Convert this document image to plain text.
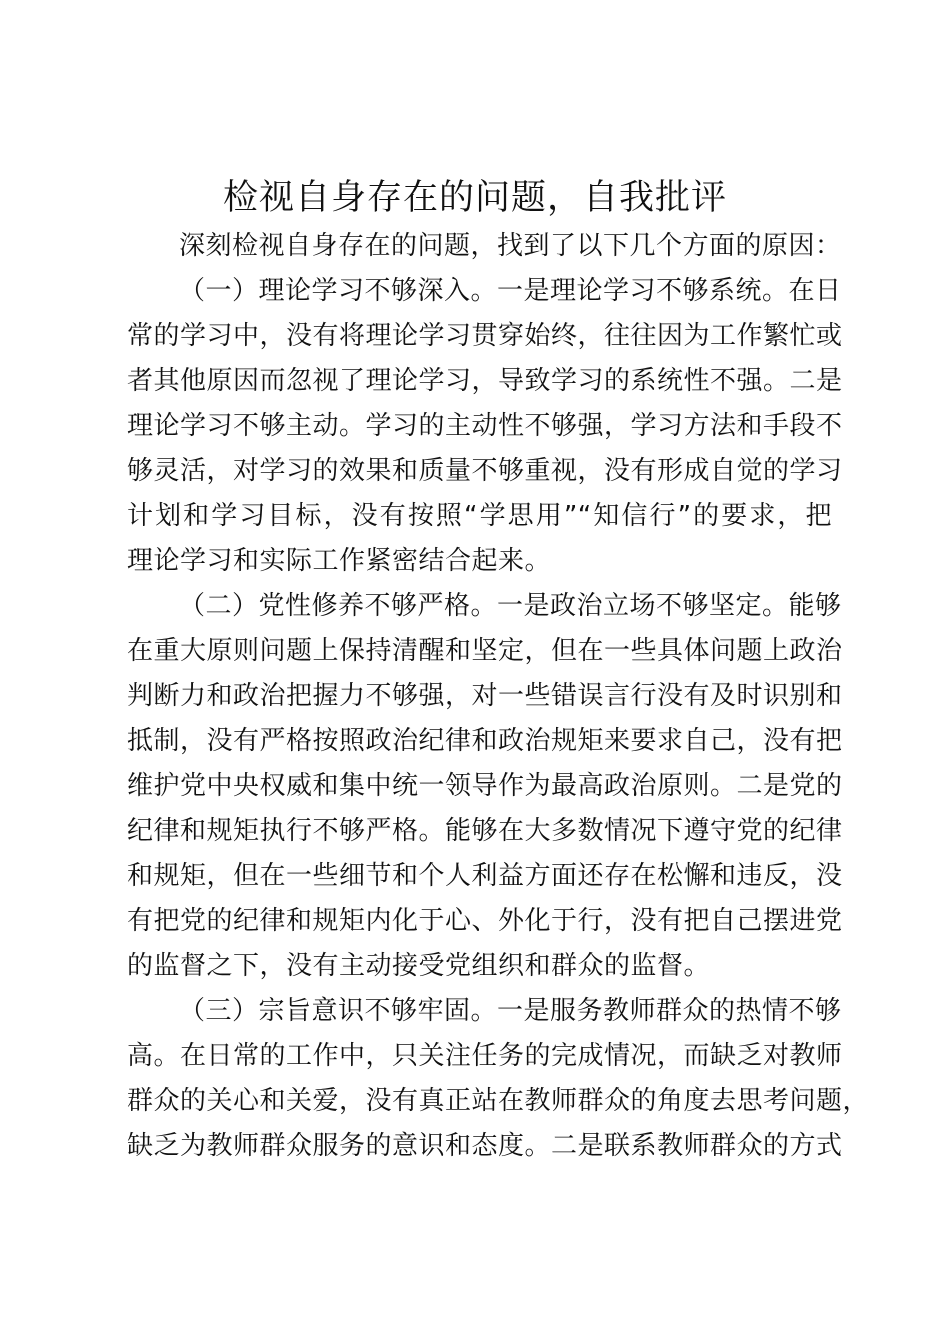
检视自身存在的问题，自我批评
深刻检视自身存在的问题，找到了以下几个方面的原因：
（一）理论学习不够深入。一是理论学习不够系统。在日
常的学习中，没有将理论学习贯穿始终，往往因为工作繁忙或
者其他原因而忽视了理论学习，导致学习的系统性不强。二是
理论学习不够主动。学习的主动性不够强，学习方法和手段不
够灵活，对学习的效果和质量不够重视，没有形成自觉的学习
计划和学习目标，没有按照“学思用”“知信行”的要求，把
理论学习和实际工作紧密结合起来。
（二）党性修养不够严格。一是政治立场不够坚定。能够
在重大原则问题上保持清醒和坚定，但在一些具体问题上政治
判断力和政治把握力不够强，对一些错误言行没有及时识别和
抵制，没有严格按照政治纪律和政治规矩来要求自己，没有把
维护党中央权威和集中统一领导作为最高政治原则。二是党的
纪律和规矩执行不够严格。能够在大多数情况下遵守党的纪律
和规矩，但在一些细节和个人利益方面还存在松懈和违反，没
有把党的纪律和规矩内化于心、外化于行，没有把自己摆进党
的监督之下，没有主动接受党组织和群众的监督。
（三）宗旨意识不够牢固。一是服务教师群众的热情不够
高。在日常的工作中，只关注任务的完成情况，而缺乏对教师
群众的关心和关爱，没有真正站在教师群众的角度去思考问题，
缺乏为教师群众服务的意识和态度。二是联系教师群众的方式
